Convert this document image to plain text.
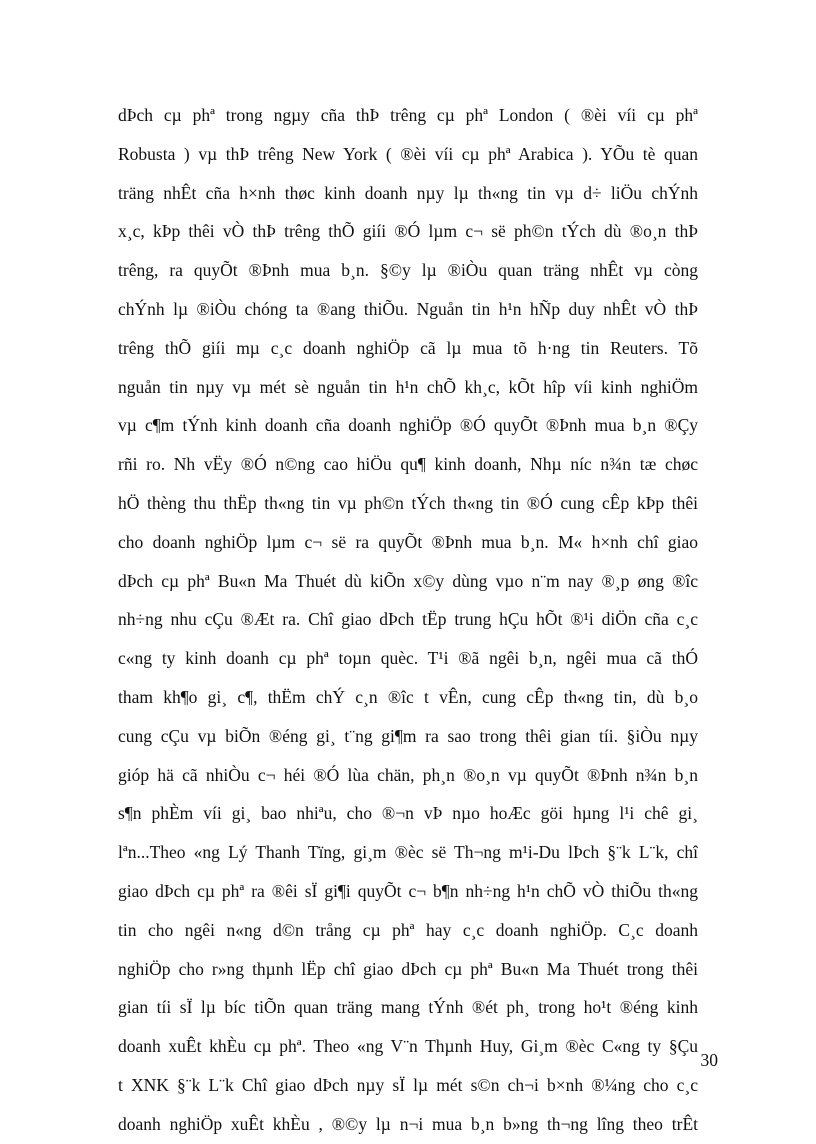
dÞch cµ phª trong ngµy cña thÞ trêng cµ phª London ( ®èi víi cµ phª
Robusta ) vµ thÞ trêng New York ( ®èi víi cµ phª Arabica ). YÕu tè quan
träng nhÊt cña h×nh thøc kinh doanh nµy lµ th«ng tin vµ d÷ liÖu chÝnh
x¸c, kÞp thêi vÒ thÞ trêng thÕ giíi ®Ó lµm c¬ së ph©n tÝch dù ®o¸n thÞ
trêng, ra quyÕt ®Þnh mua b¸n. §©y lµ ®iÒu quan träng nhÊt vµ còng
chÝnh lµ ®iÒu chóng ta ®ang thiÕu. Nguån tin h¹n hÑp duy nhÊt vÒ thÞ
trêng thÕ giíi mµ c¸c doanh nghiÖp cã lµ mua tõ h·ng tin Reuters. Tõ
nguån tin nµy vµ mét sè nguån tin h¹n chÕ kh¸c, kÕt hîp víi kinh nghiÖm
vµ c¶m tÝnh kinh doanh cña doanh nghiÖp ®Ó quyÕt ®Þnh mua b¸n ®Çy
rñi ro. Nh vËy ®Ó n©ng cao hiÖu qu¶ kinh doanh, Nhµ níc n¾n tæ chøc
hÖ thèng thu thËp th«ng tin vµ ph©n tÝch th«ng tin ®Ó cung cÊp kÞp thêi
cho doanh nghiÖp lµm c¬ së ra quyÕt ®Þnh mua b¸n. M« h×nh chî giao
dÞch cµ phª Bu«n Ma Thuét dù kiÕn x©y dùng vµo n¨m nay ®¸p øng ®îc
nh÷ng nhu cÇu ®Æt ra. Chî giao dÞch tËp trung hÇu hÕt ®¹i diÖn cña c¸c
c«ng ty kinh doanh cµ phª toµn quèc. T¹i ®ã ngêi b¸n, ngêi mua cã thÓ
tham kh¶o gi¸ c¶, thËm chÝ c¸n ®îc t vÊn, cung cÊp th«ng tin, dù b¸o
cung cÇu vµ biÕn ®éng gi¸ t¨ng gi¶m ra sao trong thêi gian tíi. §iÒu nµy
gióp hä cã nhiÒu c¬ héi ®Ó lùa chän, ph¸n ®o¸n vµ quyÕt ®Þnh n¾n b¸n
s¶n phÈm víi gi¸ bao nhiªu, cho ®¬n vÞ nµo hoÆc göi hµng l¹i chê gi¸
lªn...Theo «ng Lý Thanh Tïng, gi¸m ®èc së Th¬ng m¹i-Du lÞch §¨k L¨k, chî
giao dÞch cµ phª ra ®êi sÏ gi¶i quyÕt c¬ b¶n nh÷ng h¹n chÕ vÒ thiÕu th«ng
tin cho ngêi n«ng d©n trång cµ phª hay c¸c doanh nghiÖp. C¸c doanh
nghiÖp cho r»ng thµnh lËp chî giao dÞch cµ phª Bu«n Ma Thuét trong thêi
gian tíi sÏ lµ bíc tiÕn quan träng mang tÝnh ®ét ph¸ trong ho¹t ®éng kinh
doanh xuÊt khÈu cµ phª. Theo «ng V¨n Thµnh Huy, Gi¸m ®èc C«ng ty §Çu
t XNK §¨k L¨k Chî giao dÞch nµy sÏ lµ mét s©n ch¬i b×nh ®¼ng cho c¸c
doanh nghiÖp xuÊt khÈu , ®©y lµ n¬i mua b¸n b»ng th¬ng lîng theo trÊt
30
